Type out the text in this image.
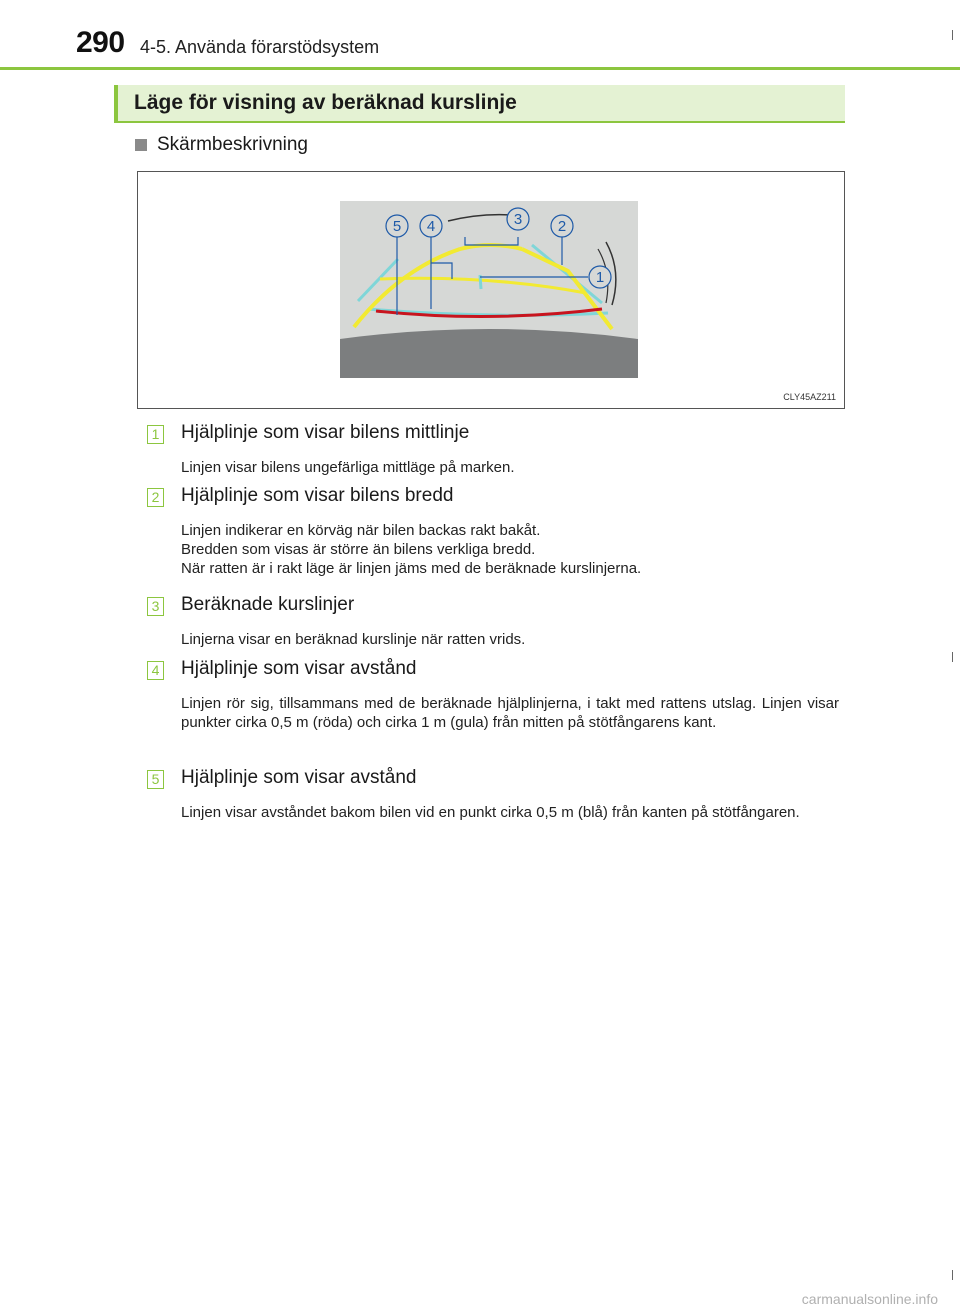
290 4-5. Använda förarstödsystem
Läge för visning av beräknad kurslinje
Skärmbeskrivning
5 4	3 2
1
CLY45AZ211
1 Hjälplinje som visar bilens mittlinje
Linjen visar bilens ungefärliga mittläge på marken.
2 Hjälplinje som visar bilens bredd
Linjen indikerar en körväg när bilen backas rakt bakåt.
Bredden som visas är större än bilens verkliga bredd.
När ratten är i rakt läge är linjen jäms med de beräknade kurslinjerna.
3 Beräknade kurslinjer
Linjerna visar en beräknad kurslinje när ratten vrids.
4 Hjälplinje som visar avstånd
Linjen rör sig, tillsammans med de beräknade hjälplinjerna, i takt med rattens utslag. Linjen visar punkter cirka 0,5 m (röda) och cirka 1 m (gula) från mitten på stötfångarens kant.
5 Hjälplinje som visar avstånd
Linjen visar avståndet bakom bilen vid en punkt cirka 0,5 m (blå) från kanten på stötfångaren.
carmanualsonline.info
